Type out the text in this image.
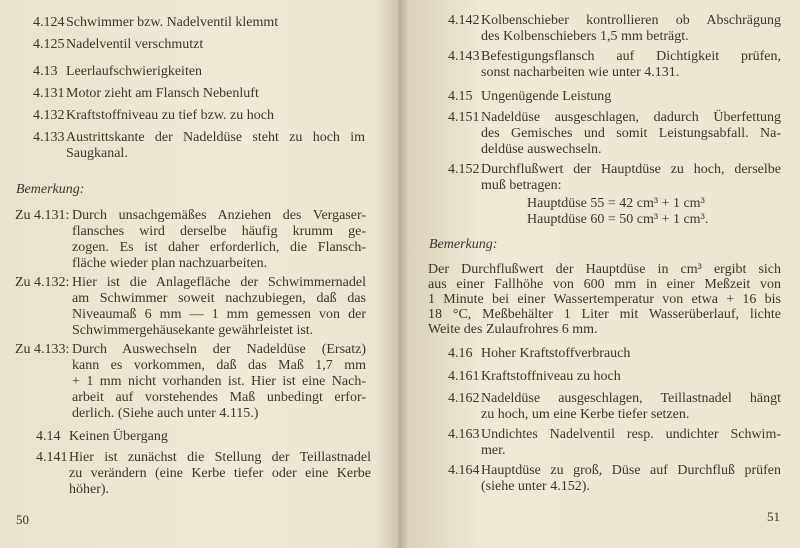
4.124 Schwimmer bzw. Nadelventil klemmt
4.125 Nadelventil verschmutzt
4.13 Leerlaufschwierigkeiten
4.131 Motor zieht am Flansch Nebenluft
4.132 Kraftstoffniveau zu tief bzw. zu hoch
4.133 Austrittskante der Nadeldüse steht zu hoch im
Saugkanal.
Bemerkung:
Zu 4.131: Durch unsachgemäßes Anziehen des Vergaser-
flansches wird derselbe häufig krumm ge-
zogen. Es ist daher erforderlich, die Flansch-
fläche wieder plan nachzuarbeiten.
Zu 4.132: Hier ist die Anlagefläche der Schwimmernadel
am Schwimmer soweit nachzubiegen, daß das
Niveaumaß 6 mm — 1 mm gemessen von der
Schwimmergehäusekante gewährleistet ist.
Zu 4.133: Durch Auswechseln der Nadeldüse (Ersatz)
kann es vorkommen, daß das Maß 1,7 mm
+ 1 mm nicht vorhanden ist. Hier ist eine Nach-
arbeit auf vorstehendes Maß unbedingt erfor-
derlich. (Siehe auch unter 4.115.)
4.14 Keinen Übergang
4.141 Hier ist zunächst die Stellung der Teillastnadel
zu verändern (eine Kerbe tiefer oder eine Kerbe
höher).
50
4.142 Kolbenschieber kontrollieren ob Abschrägung
des Kolbenschiebers 1,5 mm beträgt.
4.143 Befestigungsflansch auf Dichtigkeit prüfen,
sonst nacharbeiten wie unter 4.131.
4.15 Ungenügende Leistung
4.151 Nadeldüse ausgeschlagen, dadurch Überfettung
des Gemisches und somit Leistungsabfall. Na-
deldüse auswechseln.
4.152 Durchflußwert der Hauptdüse zu hoch, derselbe
muß betragen:
Hauptdüse 55 = 42 cm³ + 1 cm³
Hauptdüse 60 = 50 cm³ + 1 cm³.
Bemerkung:
Der Durchflußwert der Hauptdüse in cm³ ergibt sich
aus einer Fallhöhe von 600 mm in einer Meßzeit von
1 Minute bei einer Wassertemperatur von etwa + 16 bis
18 °C, Meßbehälter 1 Liter mit Wasserüberlauf, lichte
Weite des Zulaufrohres 6 mm.
4.16 Hoher Kraftstoffverbrauch
4.161 Kraftstoffniveau zu hoch
4.162 Nadeldüse ausgeschlagen, Teillastnadel hängt
zu hoch, um eine Kerbe tiefer setzen.
4.163 Undichtes Nadelventil resp. undichter Schwim-
mer.
4.164 Hauptdüse zu groß, Düse auf Durchfluß prüfen
(siehe unter 4.152).
51
